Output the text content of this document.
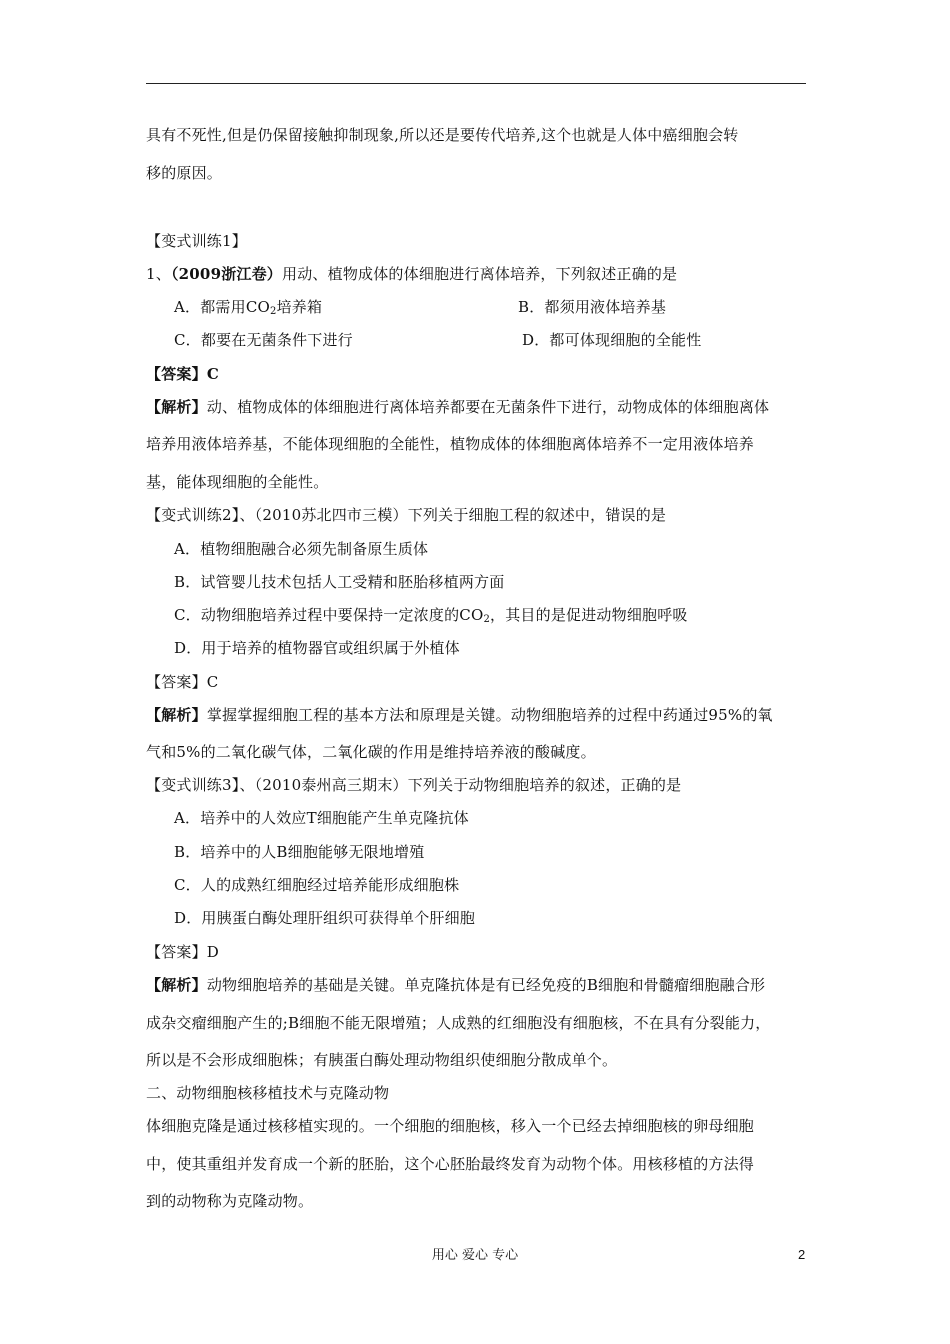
具有不死性,但是仍保留接触抑制现象,所以还是要传代培养,这个也就是人体中癌细胞会转
移的原因。
【变式训练1】
1、（2009浙江卷）用动、植物成体的体细胞进行离体培养，下列叙述正确的是
A．都需用$CO_2$培养箱	B．都须用液体培养基
C．都要在无菌条件下进行	D．都可体现细胞的全能性
【答案】C
【解析】动、植物成体的体细胞进行离体培养都要在无菌条件下进行，动物成体的体细胞离体
培养用液体培养基，不能体现细胞的全能性，植物成体的体细胞离体培养不一定用液体培养
基，能体现细胞的全能性。
【变式训练2】、（2010苏北四市三模）下列关于细胞工程的叙述中，错误的是
A．植物细胞融合必须先制备原生质体
B．试管婴儿技术包括人工受精和胚胎移植两方面
C．动物细胞培养过程中要保持一定浓度的$CO_2$，其目的是促进动物细胞呼吸
D．用于培养的植物器官或组织属于外植体
【答案】C
【解析】掌握掌握细胞工程的基本方法和原理是关键。动物细胞培养的过程中药通过95%的氧
气和5%的二氧化碳气体，二氧化碳的作用是维持培养液的酸碱度。
【变式训练3】、（2010泰州高三期末）下列关于动物细胞培养的叙述，正确的是
A．培养中的人效应T细胞能产生单克隆抗体
B．培养中的人B细胞能够无限地增殖
C．人的成熟红细胞经过培养能形成细胞株
D．用胰蛋白酶处理肝组织可获得单个肝细胞
【答案】D
【解析】动物细胞培养的基础是关键。单克隆抗体是有已经免疫的B细胞和骨髓瘤细胞融合形
成杂交瘤细胞产生的;B细胞不能无限增殖；人成熟的红细胞没有细胞核，不在具有分裂能力，
所以是不会形成细胞株；有胰蛋白酶处理动物组织使细胞分散成单个。
二、动物细胞核移植技术与克隆动物
体细胞克隆是通过核移植实现的。一个细胞的细胞核，移入一个已经去掉细胞核的卵母细胞
中，使其重组并发育成一个新的胚胎，这个心胚胎最终发育为动物个体。用核移植的方法得
到的动物称为克隆动物。
用心 爱心 专心	2
